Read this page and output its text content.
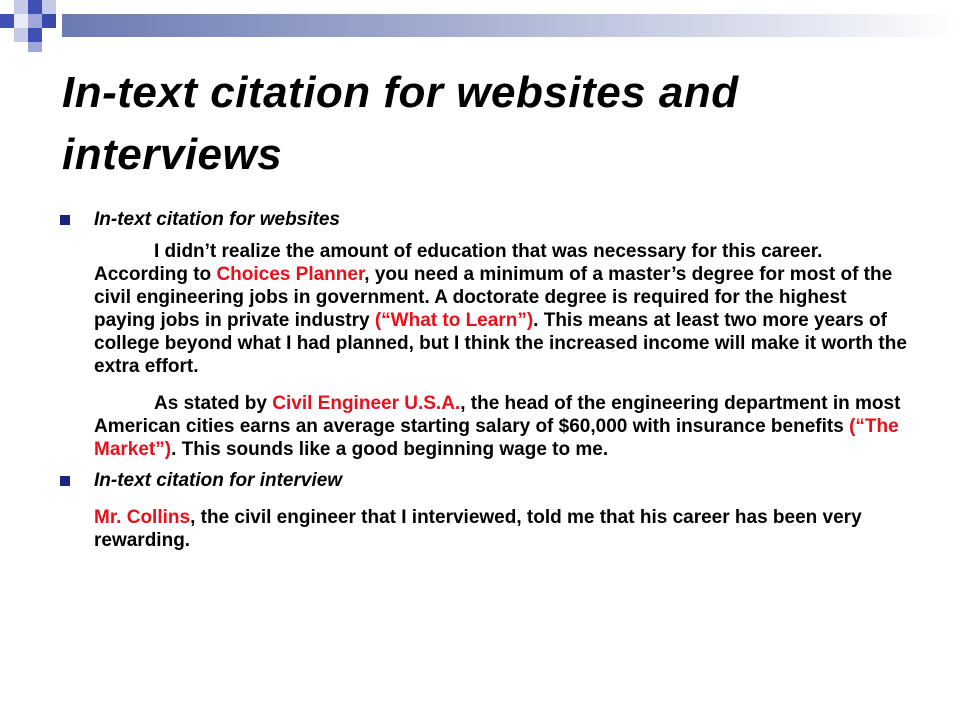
In-text citation for websites and interviews
In-text citation for websites
I didn’t realize the amount of education that was necessary for this career. According to Choices Planner, you need a minimum of a master’s degree for most of the civil engineering jobs in government. A doctorate degree is required for the highest paying jobs in private industry (“What to Learn”). This means at least two more years of college beyond what I had planned, but I think the increased income will make it worth the extra effort.
As stated by Civil Engineer U.S.A., the head of the engineering department in most American cities earns an average starting salary of $60,000 with insurance benefits (“The Market”). This sounds like a good beginning wage to me.
In-text citation for interview
Mr. Collins, the civil engineer that I interviewed, told me that his career has been very rewarding.
